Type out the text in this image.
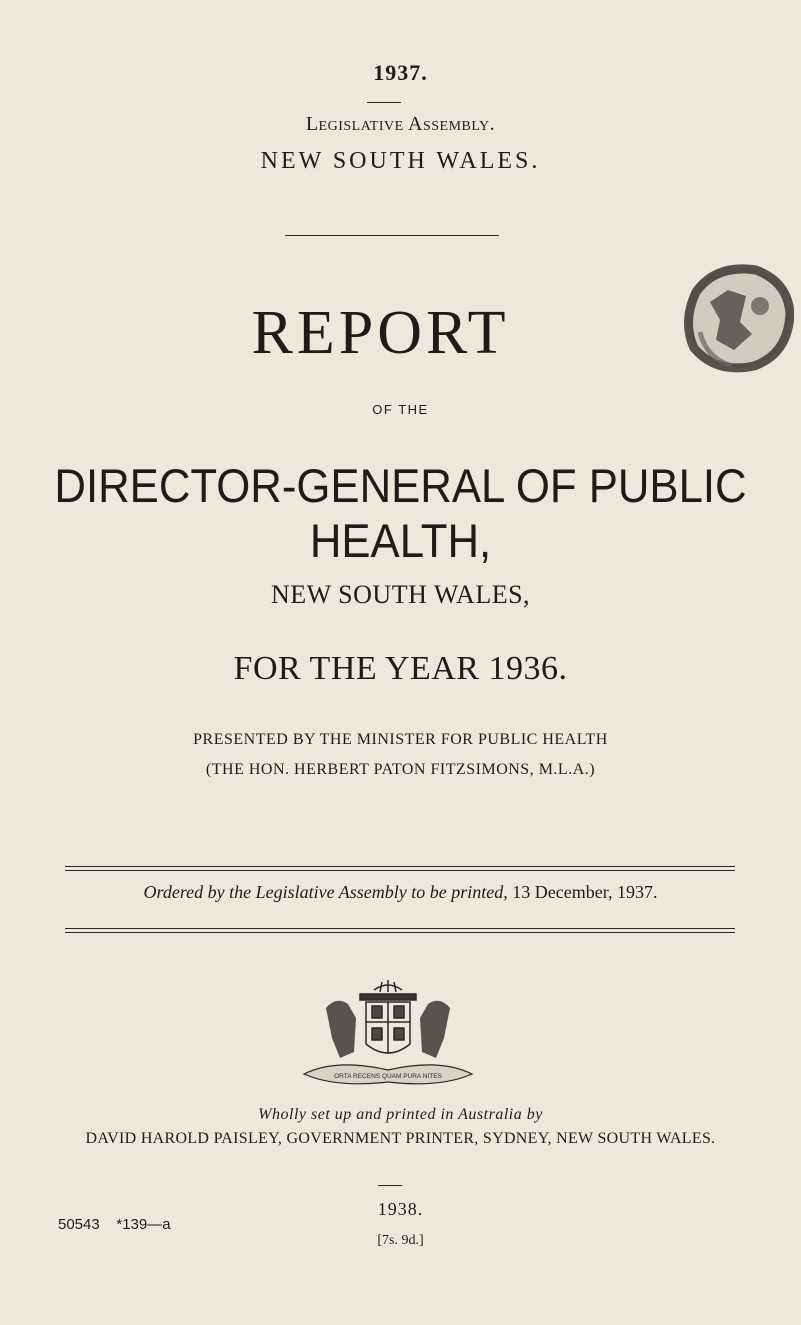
1937.
Legislative Assembly.
NEW SOUTH WALES.
REPORT
OF THE
DIRECTOR-GENERAL OF PUBLIC HEALTH,
NEW SOUTH WALES,
FOR THE YEAR 1936.
PRESENTED BY THE MINISTER FOR PUBLIC HEALTH
(THE HON. HERBERT PATON FITZSIMONS, M.L.A.)
Ordered by the Legislative Assembly to be printed, 13 December, 1937.
ORTA RECENS QUAM PURA NITES
Wholly set up and printed in Australia by
DAVID HAROLD PAISLEY, GOVERNMENT PRINTER, SYDNEY, NEW SOUTH WALES.
1938.
50543    *139—a
[7s. 9d.]
